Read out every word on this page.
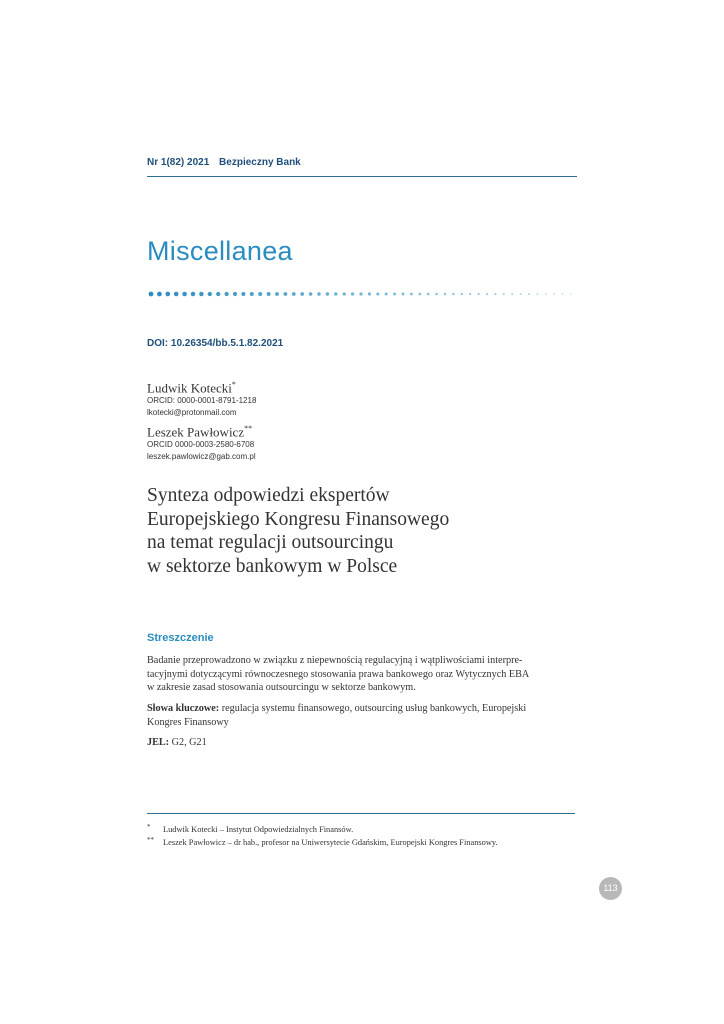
Nr 1(82) 2021 Bezpieczny Bank
Miscellanea
DOI: 10.26354/bb.5.1.82.2021
Ludwik Kotecki*
ORCID: 0000-0001-8791-1218
lkotecki@protonmail.com
Leszek Pawłowicz**
ORCID 0000-0003-2580-6708
leszek.pawlowicz@gab.com.pl
Synteza odpowiedzi ekspertów
Europejskiego Kongresu Finansowego
na temat regulacji outsourcingu
w sektorze bankowym w Polsce
Streszczenie
Badanie przeprowadzono w związku z niepewnością regulacyjną i wątpliwościami interpre-
tacyjnymi dotyczącymi równoczesnego stosowania prawa bankowego oraz Wytycznych EBA
w zakresie zasad stosowania outsourcingu w sektorze bankowym.
Słowa kluczowe: regulacja systemu finansowego, outsourcing usług bankowych, Europejski
Kongres Finansowy
JEL: G2, G21
* Ludwik Kotecki – Instytut Odpowiedzialnych Finansów.
** Leszek Pawłowicz – dr hab., profesor na Uniwersytecie Gdańskim, Europejski Kongres Finansowy.
113
